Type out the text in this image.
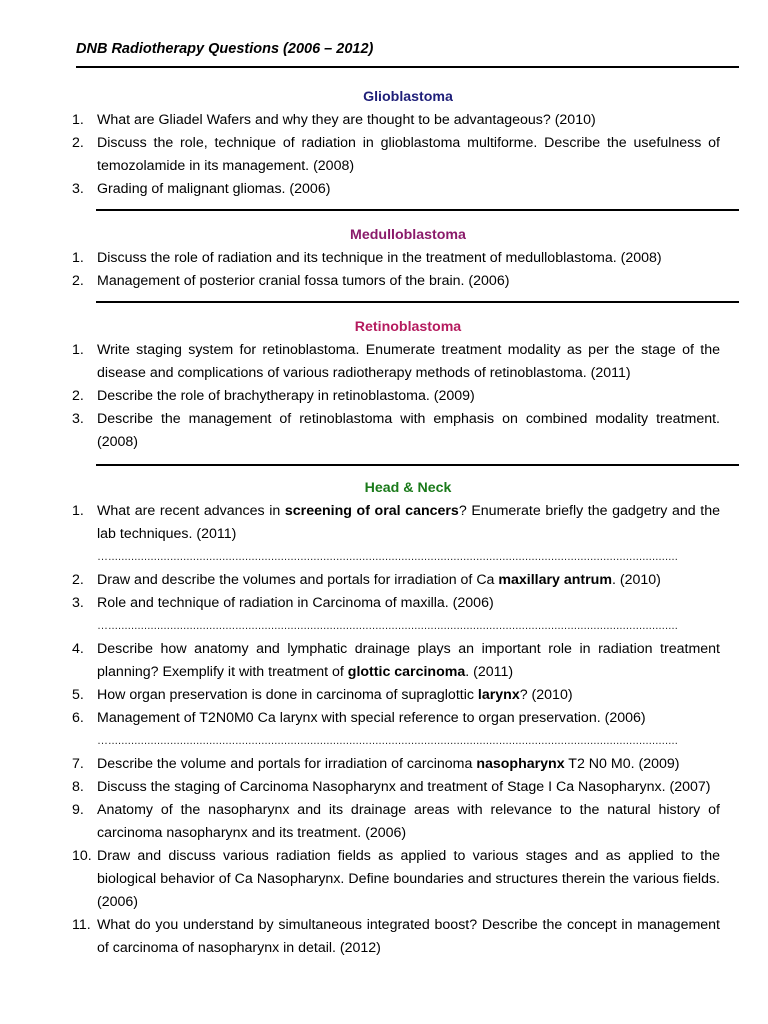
DNB Radiotherapy Questions (2006 – 2012)
Glioblastoma
1. What are Gliadel Wafers and why they are thought to be advantageous? (2010)
2. Discuss the role, technique of radiation in glioblastoma multiforme. Describe the usefulness of temozolamide in its management. (2008)
3. Grading of malignant gliomas. (2006)
Medulloblastoma
1. Discuss the role of radiation and its technique in the treatment of medulloblastoma. (2008)
2. Management of posterior cranial fossa tumors of the brain. (2006)
Retinoblastoma
1. Write staging system for retinoblastoma. Enumerate treatment modality as per the stage of the disease and complications of various radiotherapy methods of retinoblastoma. (2011)
2. Describe the role of brachytherapy in retinoblastoma. (2009)
3. Describe the management of retinoblastoma with emphasis on combined modality treatment. (2008)
Head & Neck
1. What are recent advances in screening of oral cancers? Enumerate briefly the gadgetry and the lab techniques. (2011)
…...............................................................................................................................................................................
2. Draw and describe the volumes and portals for irradiation of Ca maxillary antrum. (2010)
3. Role and technique of radiation in Carcinoma of maxilla. (2006)
…...............................................................................................................................................................................
4. Describe how anatomy and lymphatic drainage plays an important role in radiation treatment planning? Exemplify it with treatment of glottic carcinoma. (2011)
5. How organ preservation is done in carcinoma of supraglottic larynx? (2010)
6. Management of T2N0M0 Ca larynx with special reference to organ preservation. (2006)
…...............................................................................................................................................................................
7. Describe the volume and portals for irradiation of carcinoma nasopharynx T2 N0 M0. (2009)
8. Discuss the staging of Carcinoma Nasopharynx and treatment of Stage I Ca Nasopharynx. (2007)
9. Anatomy of the nasopharynx and its drainage areas with relevance to the natural history of carcinoma nasopharynx and its treatment. (2006)
10. Draw and discuss various radiation fields as applied to various stages and as applied to the biological behavior of Ca Nasopharynx. Define boundaries and structures therein the various fields. (2006)
11. What do you understand by simultaneous integrated boost? Describe the concept in management of carcinoma of nasopharynx in detail. (2012)
